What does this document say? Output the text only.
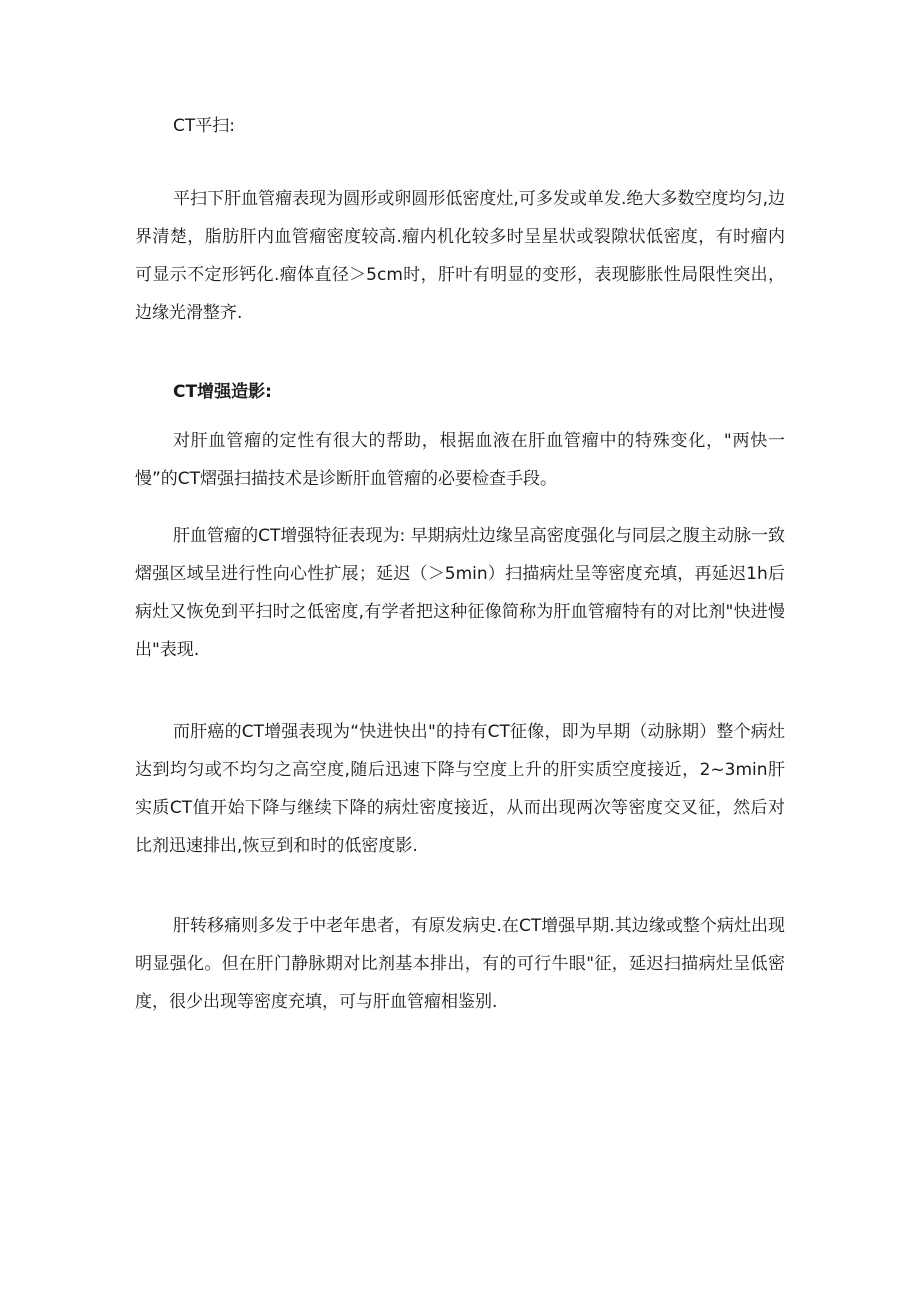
CT平扫:

平扫下肝血管瘤表现为圆形或卵圆形低密度灶,可多发或单发.绝大多数空度均匀,边界清楚，脂肪肝内血管瘤密度较高.瘤内机化较多时呈星状或裂隙状低密度，有时瘤内可显示不定形钙化.瘤体直径＞5cm时，肝叶有明显的变形，表现膨胀性局限性突出，边缘光滑整齐.

CT增强造影:

对肝血管瘤的定性有很大的帮助，根据血液在肝血管瘤中的特殊变化，"两快一慢”的CT熠强扫描技术是诊断肝血管瘤的必要检查手段。

肝血管瘤的CT增强特征表现为: 早期病灶边缘呈高密度强化与同层之腹主动脉一致熠强区域呈进行性向心性扩展；延迟（＞5min）扫描病灶呈等密度充填，再延迟1h后病灶又恢免到平扫时之低密度,有学者把这种征像简称为肝血管瘤特有的对比剂"快进慢出"表现.

而肝癌的CT增强表现为“快进快出"的持有CT征像，即为早期（动脉期）整个病灶达到均匀或不均匀之高空度,随后迅速下降与空度上升的肝实质空度接近，2~3min肝实质CT值开始下降与继续下降的病灶密度接近，从而出现两次等密度交叉征，然后对比剂迅速排出,恢豆到和时的低密度影.

肝转移痛则多发于中老年患者，有原发病史.在CT增强早期.其边缘或整个病灶出现明显强化。但在肝门静脉期对比剂基本排出，有的可行牛眼"征，延迟扫描病灶呈低密度，很少出现等密度充填，可与肝血管瘤相鉴别.
